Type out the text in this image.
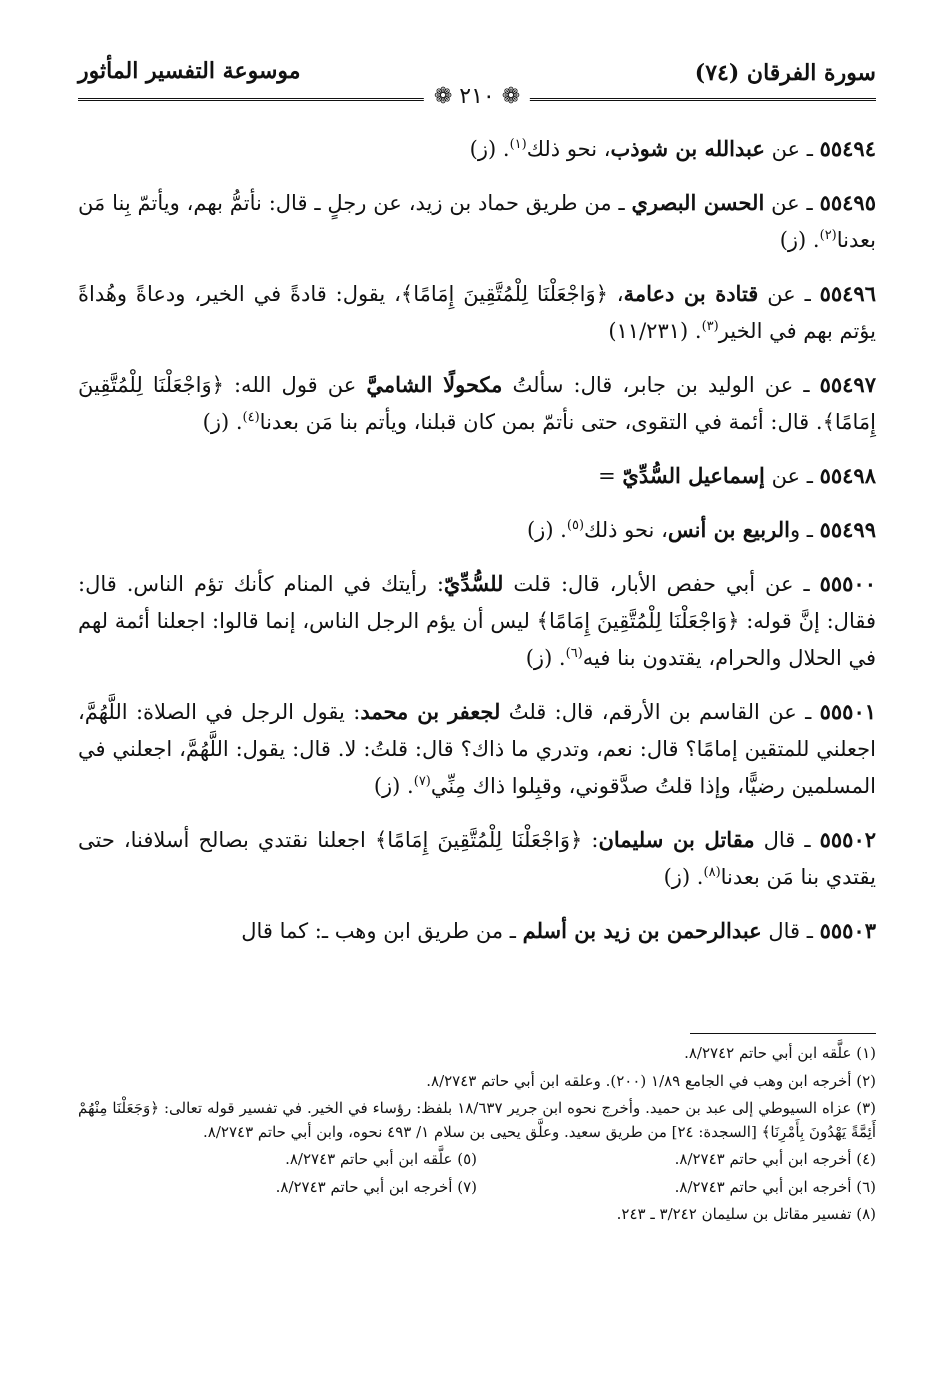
سورة الفرقان (٧٤)
موسوعة التفسير المأثور
❁ ٢١٠ ❁

٥٥٤٩٤ ـ عن عبدالله بن شوذب، نحو ذلك$^{(١)}$. (ز)

٥٥٤٩٥ ـ عن الحسن البصري ـ من طريق حماد بن زيد، عن رجلٍ ـ قال: نأتمُّ بهم، ويأتمّ بِنا مَن بعدنا$^{(٢)}$. (ز)

٥٥٤٩٦ ـ عن قتادة بن دعامة، ﴿وَاجْعَلْنَا لِلْمُتَّقِينَ إِمَامًا﴾، يقول: قادةً في الخير، ودعاةً وهُداةً يؤتم بهم في الخير$^{(٣)}$. (١١/٢٣١)

٥٥٤٩٧ ـ عن الوليد بن جابر، قال: سألتُ مكحولًا الشاميَّ عن قول الله: ﴿وَاجْعَلْنَا لِلْمُتَّقِينَ إِمَامًا﴾. قال: أئمة في التقوى، حتى نأتمّ بمن كان قبلنا، ويأتم بنا مَن بعدنا$^{(٤)}$. (ز)

٥٥٤٩٨ ـ عن إسماعيل السُّدِّيّ =

٥٥٤٩٩ ـ والربيع بن أنس، نحو ذلك$^{(٥)}$. (ز)

٥٥٥٠٠ ـ عن أبي حفص الأبار، قال: قلت للسُّدِّيّ: رأيتك في المنام كأنك تؤم الناس. قال: فقال: إنَّ قوله: ﴿وَاجْعَلْنَا لِلْمُتَّقِينَ إِمَامًا﴾ ليس أن يؤم الرجل الناس، إنما قالوا: اجعلنا أئمة لهم في الحلال والحرام، يقتدون بنا فيه$^{(٦)}$. (ز)

٥٥٥٠١ ـ عن القاسم بن الأرقم، قال: قلتُ لجعفر بن محمد: يقول الرجل في الصلاة: اللَّهُمَّ، اجعلني للمتقين إمامًا؟ قال: نعم، وتدري ما ذاك؟ قال: قلتُ: لا. قال: يقول: اللَّهُمَّ، اجعلني في المسلمين رضيًّا، وإذا قلتُ صدَّقوني، وقبِلوا ذاك مِنِّي$^{(٧)}$. (ز)

٥٥٥٠٢ ـ قال مقاتل بن سليمان: ﴿وَاجْعَلْنَا لِلْمُتَّقِينَ إِمَامًا﴾ اجعلنا نقتدي بصالح أسلافنا، حتى يقتدي بنا مَن بعدنا$^{(٨)}$. (ز)

٥٥٥٠٣ ـ قال عبدالرحمن بن زيد بن أسلم ـ من طريق ابن وهب ـ: كما قال

(١) علَّقه ابن أبي حاتم ٨/٢٧٤٢.

(٢) أخرجه ابن وهب في الجامع ١/٨٩ (٢٠٠). وعلقه ابن أبي حاتم ٨/٢٧٤٣.

(٣) عزاه السيوطي إلى عبد بن حميد. وأخرج نحوه ابن جرير ١٨/٦٣٧ بلفظ: رؤساء في الخير. في تفسير قوله تعالى: ﴿وَجَعَلْنَا مِنْهُمْ أَئِمَّةً يَهْدُونَ بِأَمْرِنَا﴾ [السجدة: ٢٤] من طريق سعيد. وعلَّق يحيى بن سلام ١/ ٤٩٣ نحوه، وابن أبي حاتم ٨/٢٧٤٣.

(٤) أخرجه ابن أبي حاتم ٨/٢٧٤٣.

(٥) علَّقه ابن أبي حاتم ٨/٢٧٤٣.

(٦) أخرجه ابن أبي حاتم ٨/٢٧٤٣.

(٧) أخرجه ابن أبي حاتم ٨/٢٧٤٣.

(٨) تفسير مقاتل بن سليمان ٣/٢٤٢ ـ ٢٤٣.
